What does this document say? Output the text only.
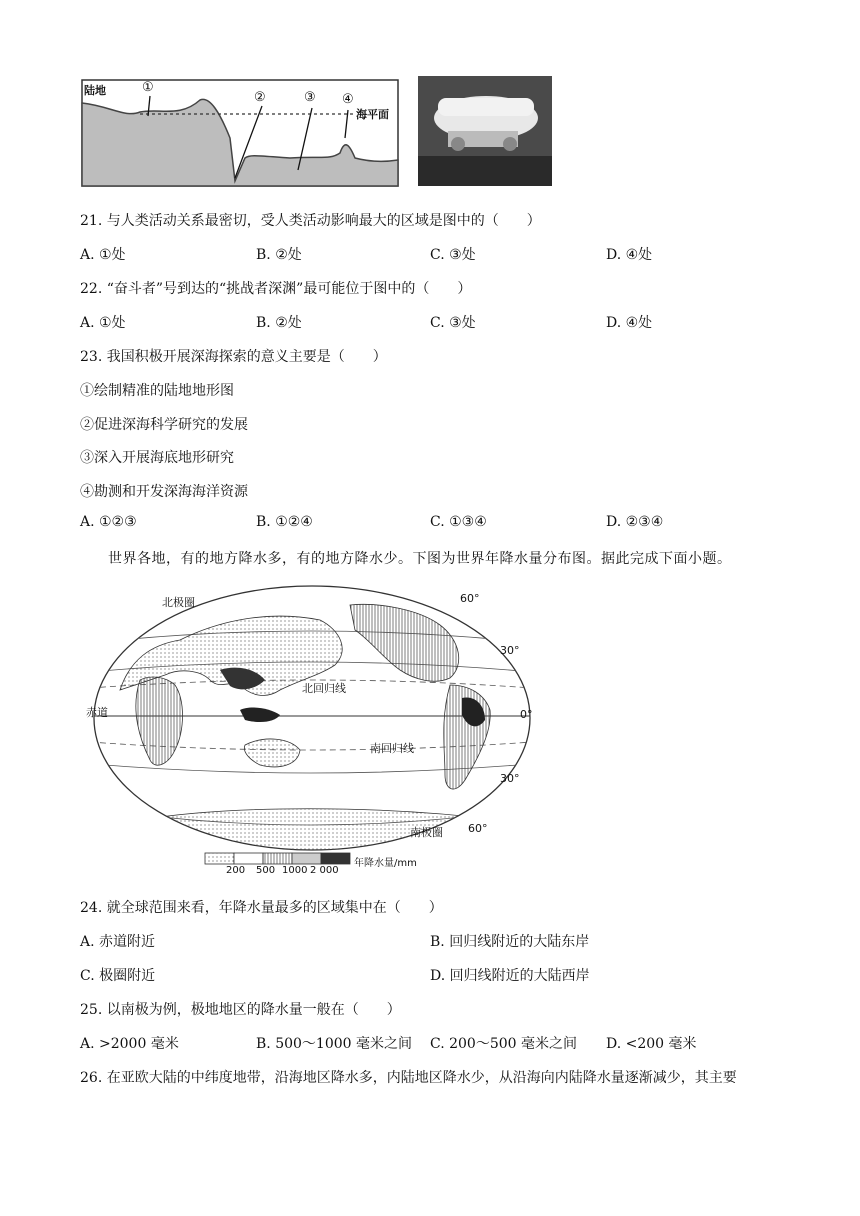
陆地	①
②	③ ④
海平面
21. 与人类活动关系最密切，受人类活动影响最大的区域是图中的（　　）
A. ①处	B. ②处	C. ③处	D. ④处
22. “奋斗者”号到达的“挑战者深渊”最可能位于图中的（　　）
A. ①处	B. ②处	C. ③处	D. ④处
23. 我国积极开展深海探索的意义主要是（　　）
①绘制精准的陆地地形图
②促进深海科学研究的发展
③深入开展海底地形研究
④勘测和开发深海海洋资源
A. ①②③	B. ①②④	C. ①③④	D. ②③④
世界各地，有的地方降水多，有的地方降水少。下图为世界年降水量分布图。据此完成下面小题。
60°
30°
0°
30°
60°
赤道
北回归线
南回归线
北极圈
南极圈
200 500 1000 2 000
年降水量/mm
24. 就全球范围来看，年降水量最多的区域集中在（　　）
A. 赤道附近	B. 回归线附近的大陆东岸
C. 极圈附近	D. 回归线附近的大陆西岸
25. 以南极为例，极地地区的降水量一般在（　　）
A. >2000 毫米	B. 500～1000 毫米之间 C. 200～500 毫米之间 D. <200 毫米
26. 在亚欧大陆的中纬度地带，沿海地区降水多，内陆地区降水少，从沿海向内陆降水量逐渐减少，其主要
